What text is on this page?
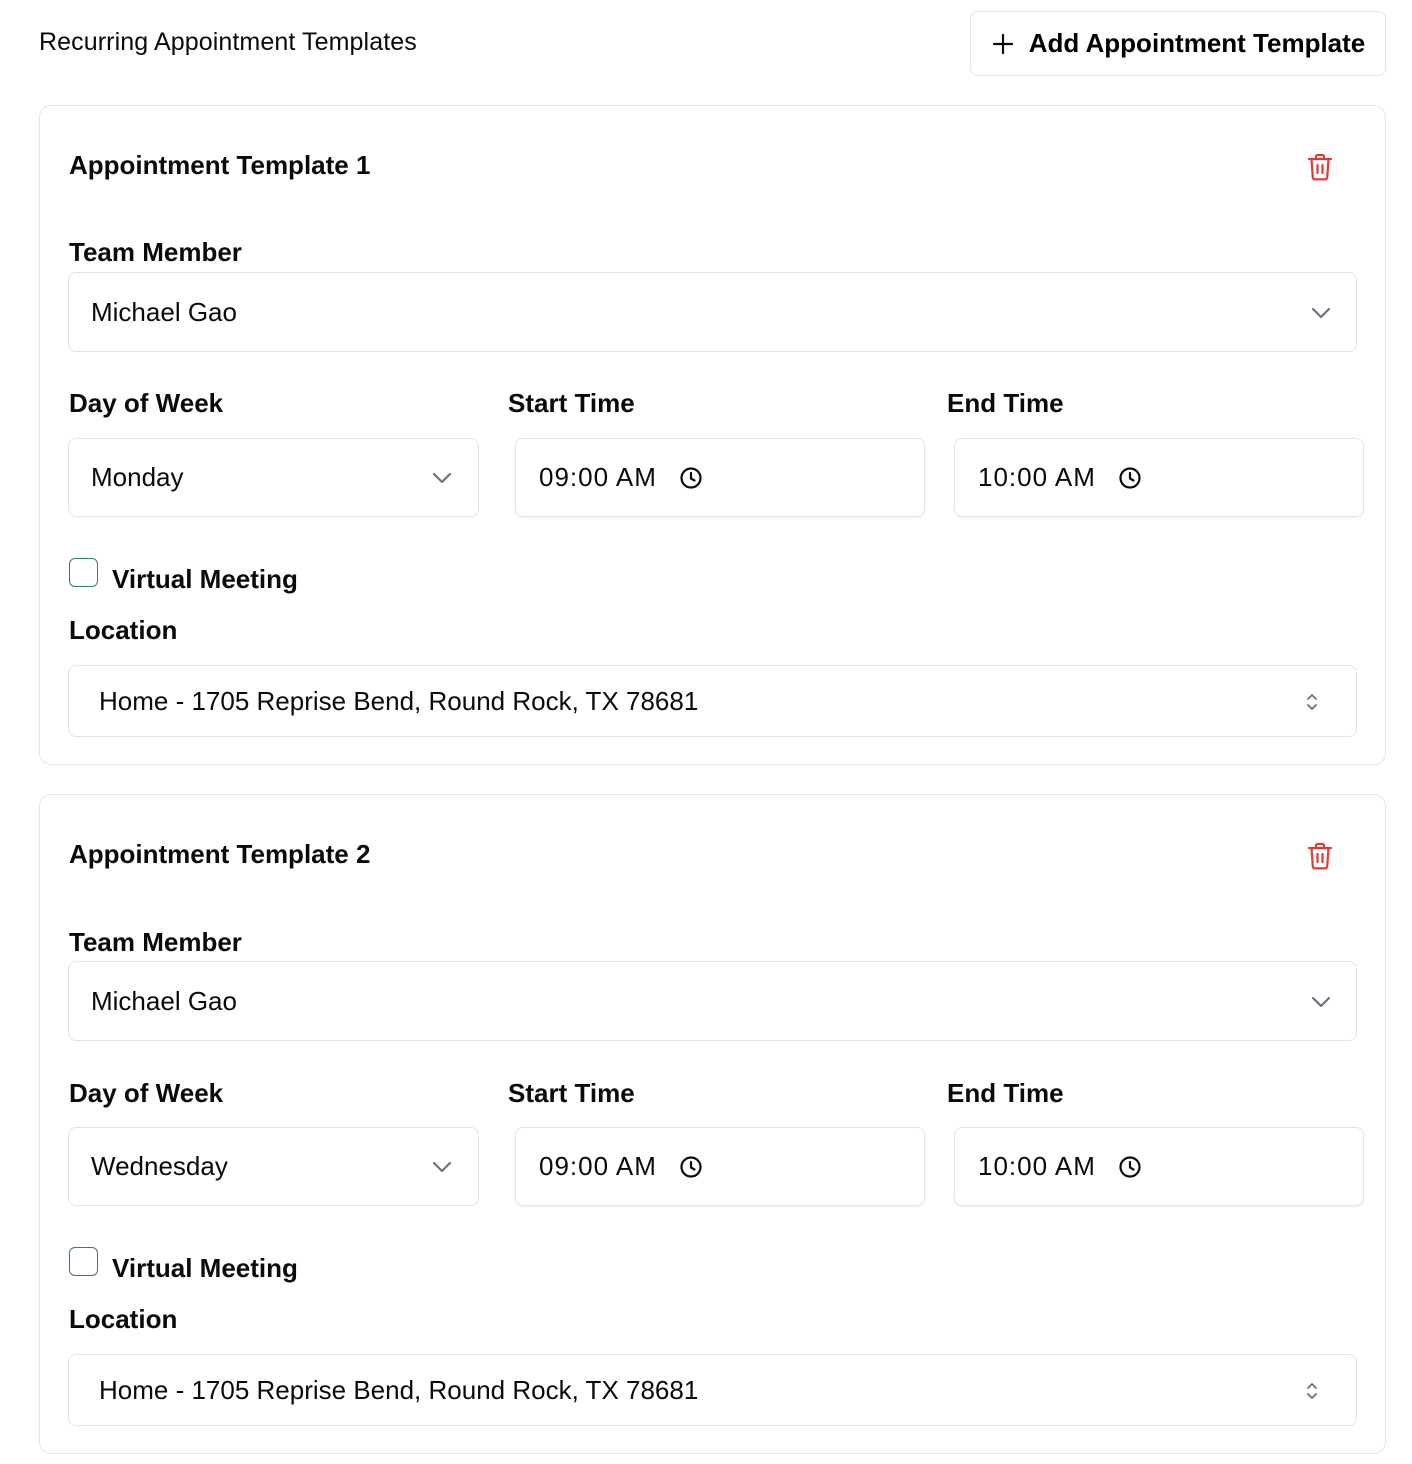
Recurring Appointment Templates	Add Appointment Template
Appointment Template 1
Team Member
Michael Gao
Day of Week	Start Time	End Time
Monday	09:00 AM	10:00 AM
Virtual Meeting
Location
Home - 1705 Reprise Bend, Round Rock, TX 78681
Appointment Template 2
Team Member
Michael Gao
Day of Week	Start Time	End Time
Wednesday	09:00 AM	10:00 AM
Virtual Meeting
Location
Home - 1705 Reprise Bend, Round Rock, TX 78681
